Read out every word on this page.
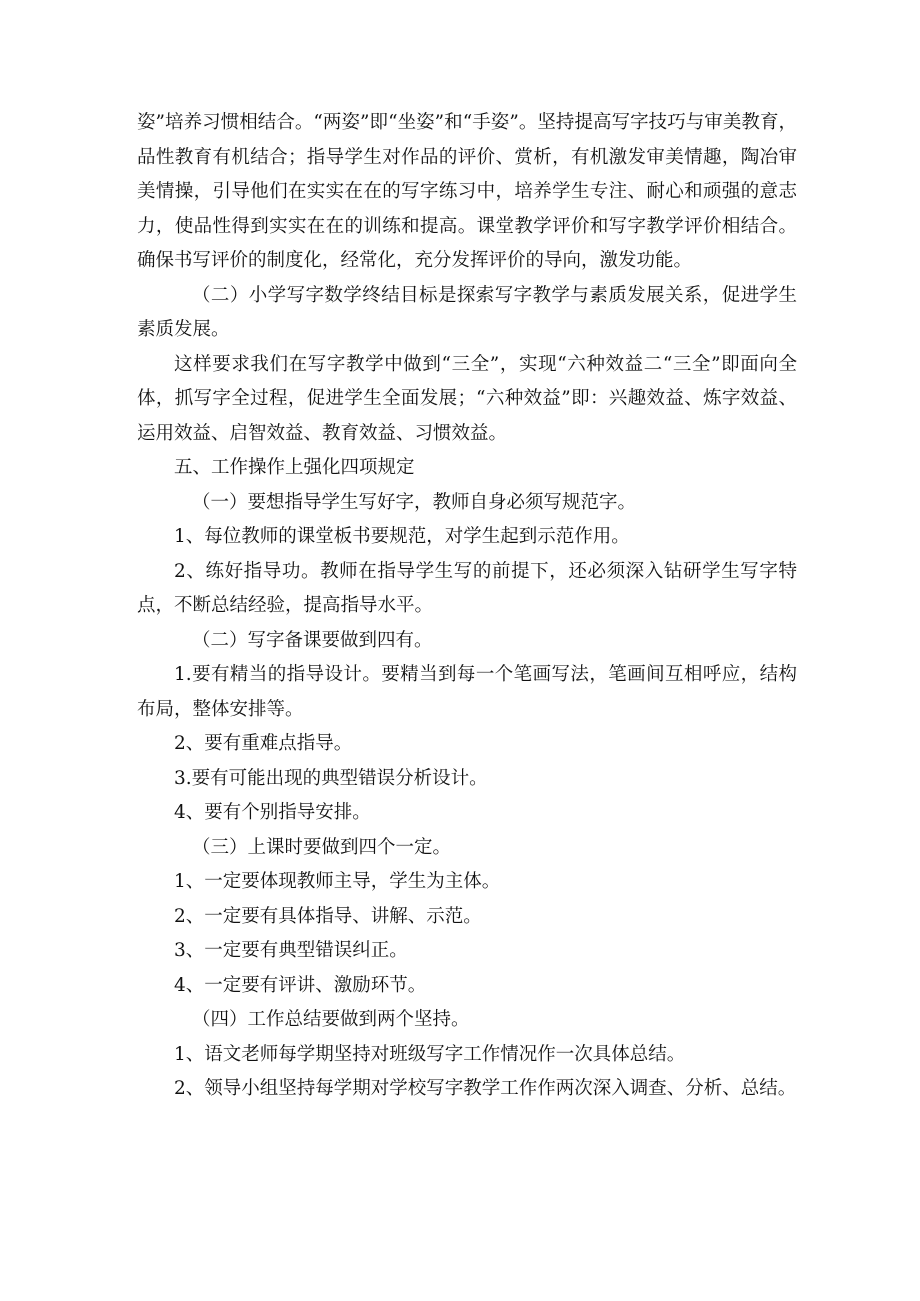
姿”培养习惯相结合。“两姿”即“坐姿”和“手姿”。坚持提高写字技巧与审美教育，品性教育有机结合；指导学生对作品的评价、赏析，有机激发审美情趣，陶冶审美情操，引导他们在实实在在的写字练习中，培养学生专注、耐心和顽强的意志力，使品性得到实实在在的训练和提高。课堂教学评价和写字教学评价相结合。确保书写评价的制度化，经常化，充分发挥评价的导向，激发功能。

（二）小学写字数学终结目标是探索写字教学与素质发展关系，促进学生素质发展。

这样要求我们在写字教学中做到“三全”，实现“六种效益二“三全”即面向全体，抓写字全过程，促进学生全面发展；“六种效益”即：兴趣效益、炼字效益、运用效益、启智效益、教育效益、习惯效益。

五、工作操作上强化四项规定

（一）要想指导学生写好字，教师自身必须写规范字。

1、每位教师的课堂板书要规范，对学生起到示范作用。

2、练好指导功。教师在指导学生写的前提下，还必须深入钻研学生写字特点，不断总结经验，提高指导水平。

（二）写字备课要做到四有。

1.要有精当的指导设计。要精当到每一个笔画写法，笔画间互相呼应，结构布局，整体安排等。

2、要有重难点指导。

3.要有可能出现的典型错误分析设计。

4、要有个别指导安排。

（三）上课时要做到四个一定。

1、一定要体现教师主导，学生为主体。

2、一定要有具体指导、讲解、示范。

3、一定要有典型错误纠正。

4、一定要有评讲、激励环节。

（四）工作总结要做到两个坚持。

1、语文老师每学期坚持对班级写字工作情况作一次具体总结。

2、领导小组坚持每学期对学校写字教学工作作两次深入调查、分析、总结。
